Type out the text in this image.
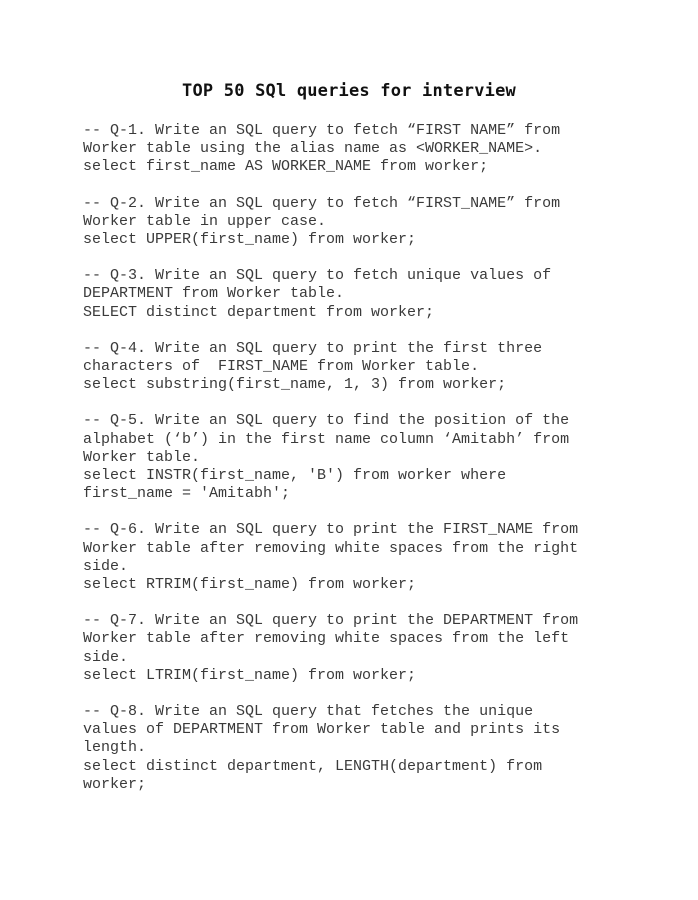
TOP 50 SQl queries for interview
-- Q-1. Write an SQL query to fetch “FIRST NAME” from
Worker table using the alias name as <WORKER_NAME>.
select first_name AS WORKER_NAME from worker;
-- Q-2. Write an SQL query to fetch “FIRST_NAME” from
Worker table in upper case.
select UPPER(first_name) from worker;
-- Q-3. Write an SQL query to fetch unique values of
DEPARTMENT from Worker table.
SELECT distinct department from worker;
-- Q-4. Write an SQL query to print the first three
characters of  FIRST_NAME from Worker table.
select substring(first_name, 1, 3) from worker;
-- Q-5. Write an SQL query to find the position of the
alphabet (‘b’) in the first name column ‘Amitabh’ from
Worker table.
select INSTR(first_name, 'B') from worker where
first_name = 'Amitabh';
-- Q-6. Write an SQL query to print the FIRST_NAME from
Worker table after removing white spaces from the right
side.
select RTRIM(first_name) from worker;
-- Q-7. Write an SQL query to print the DEPARTMENT from
Worker table after removing white spaces from the left
side.
select LTRIM(first_name) from worker;
-- Q-8. Write an SQL query that fetches the unique
values of DEPARTMENT from Worker table and prints its
length.
select distinct department, LENGTH(department) from
worker;
